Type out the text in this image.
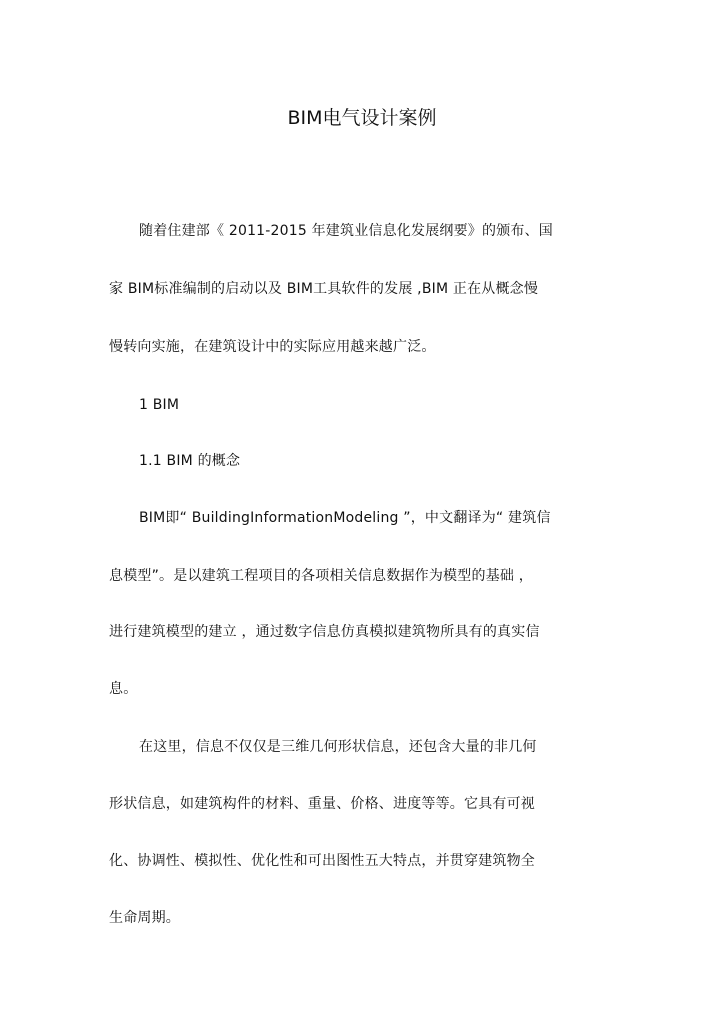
BIM电气设计案例
随着住建部《 2011-2015 年建筑业信息化发展纲要》的颁布、国
家 BIM标准编制的启动以及 BIM工具软件的发展 ,BIM 正在从概念慢
慢转向实施，在建筑设计中的实际应用越来越广泛。
1 BIM
1.1 BIM 的概念
BIM即“ BuildingInformationModeling ”，中文翻译为“ 建筑信
息模型”。是以建筑工程项目的各项相关信息数据作为模型的基础 ，
进行建筑模型的建立 ，通过数字信息仿真模拟建筑物所具有的真实信
息。
在这里，信息不仅仅是三维几何形状信息，还包含大量的非几何
形状信息，如建筑构件的材料、重量、价格、进度等等。它具有可视
化、协调性、模拟性、优化性和可出图性五大特点，并贯穿建筑物全
生命周期。
